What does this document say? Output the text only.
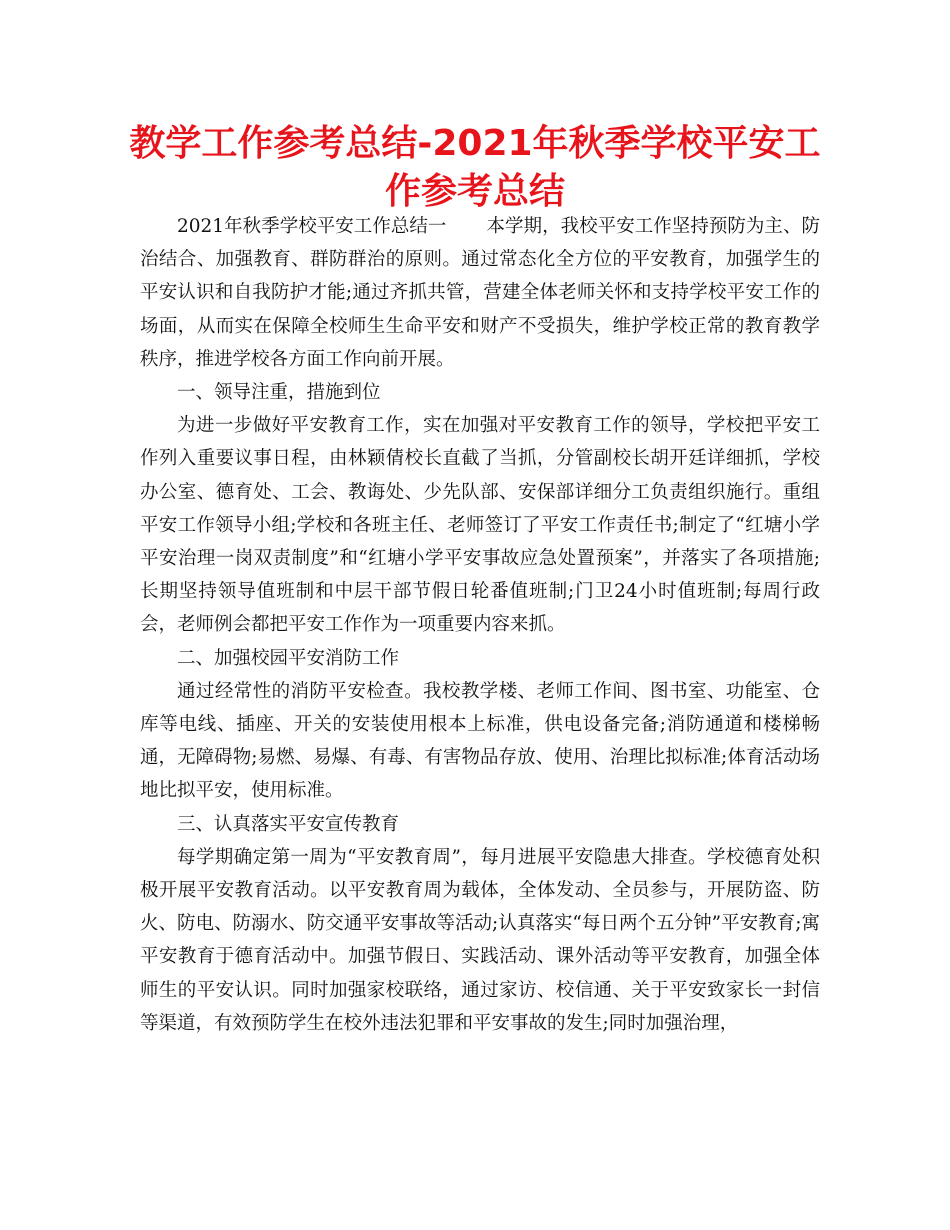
教学工作参考总结-2021年秋季学校平安工作参考总结

2021年秋季学校平安工作总结一 本学期，我校平安工作坚持预防为主、防治结合、加强教育、群防群治的原则。通过常态化全方位的平安教育，加强学生的平安认识和自我防护才能;通过齐抓共管，营建全体老师关怀和支持学校平安工作的场面，从而实在保障全校师生生命平安和财产不受损失，维护学校正常的教育教学秩序，推进学校各方面工作向前开展。

一、领导注重，措施到位

为进一步做好平安教育工作，实在加强对平安教育工作的领导，学校把平安工作列入重要议事日程，由林颖倩校长直截了当抓，分管副校长胡开廷详细抓，学校办公室、德育处、工会、教诲处、少先队部、安保部详细分工负责组织施行。重组平安工作领导小组;学校和各班主任、老师签订了平安工作责任书;制定了“红塘小学平安治理一岗双责制度”和“红塘小学平安事故应急处置预案”，并落实了各项措施;长期坚持领导值班制和中层干部节假日轮番值班制;门卫24小时值班制;每周行政会，老师例会都把平安工作作为一项重要内容来抓。

二、加强校园平安消防工作

通过经常性的消防平安检查。我校教学楼、老师工作间、图书室、功能室、仓库等电线、插座、开关的安装使用根本上标准，供电设备完备;消防通道和楼梯畅通，无障碍物;易燃、易爆、有毒、有害物品存放、使用、治理比拟标准;体育活动场地比拟平安，使用标准。

三、认真落实平安宣传教育

每学期确定第一周为“平安教育周”，每月进展平安隐患大排查。学校德育处积极开展平安教育活动。以平安教育周为载体，全体发动、全员参与，开展防盗、防火、防电、防溺水、防交通平安事故等活动;认真落实“每日两个五分钟”平安教育;寓平安教育于德育活动中。加强节假日、实践活动、课外活动等平安教育，加强全体师生的平安认识。同时加强家校联络，通过家访、校信通、关于平安致家长一封信等渠道，有效预防学生在校外违法犯罪和平安事故的发生;同时加强治理，
